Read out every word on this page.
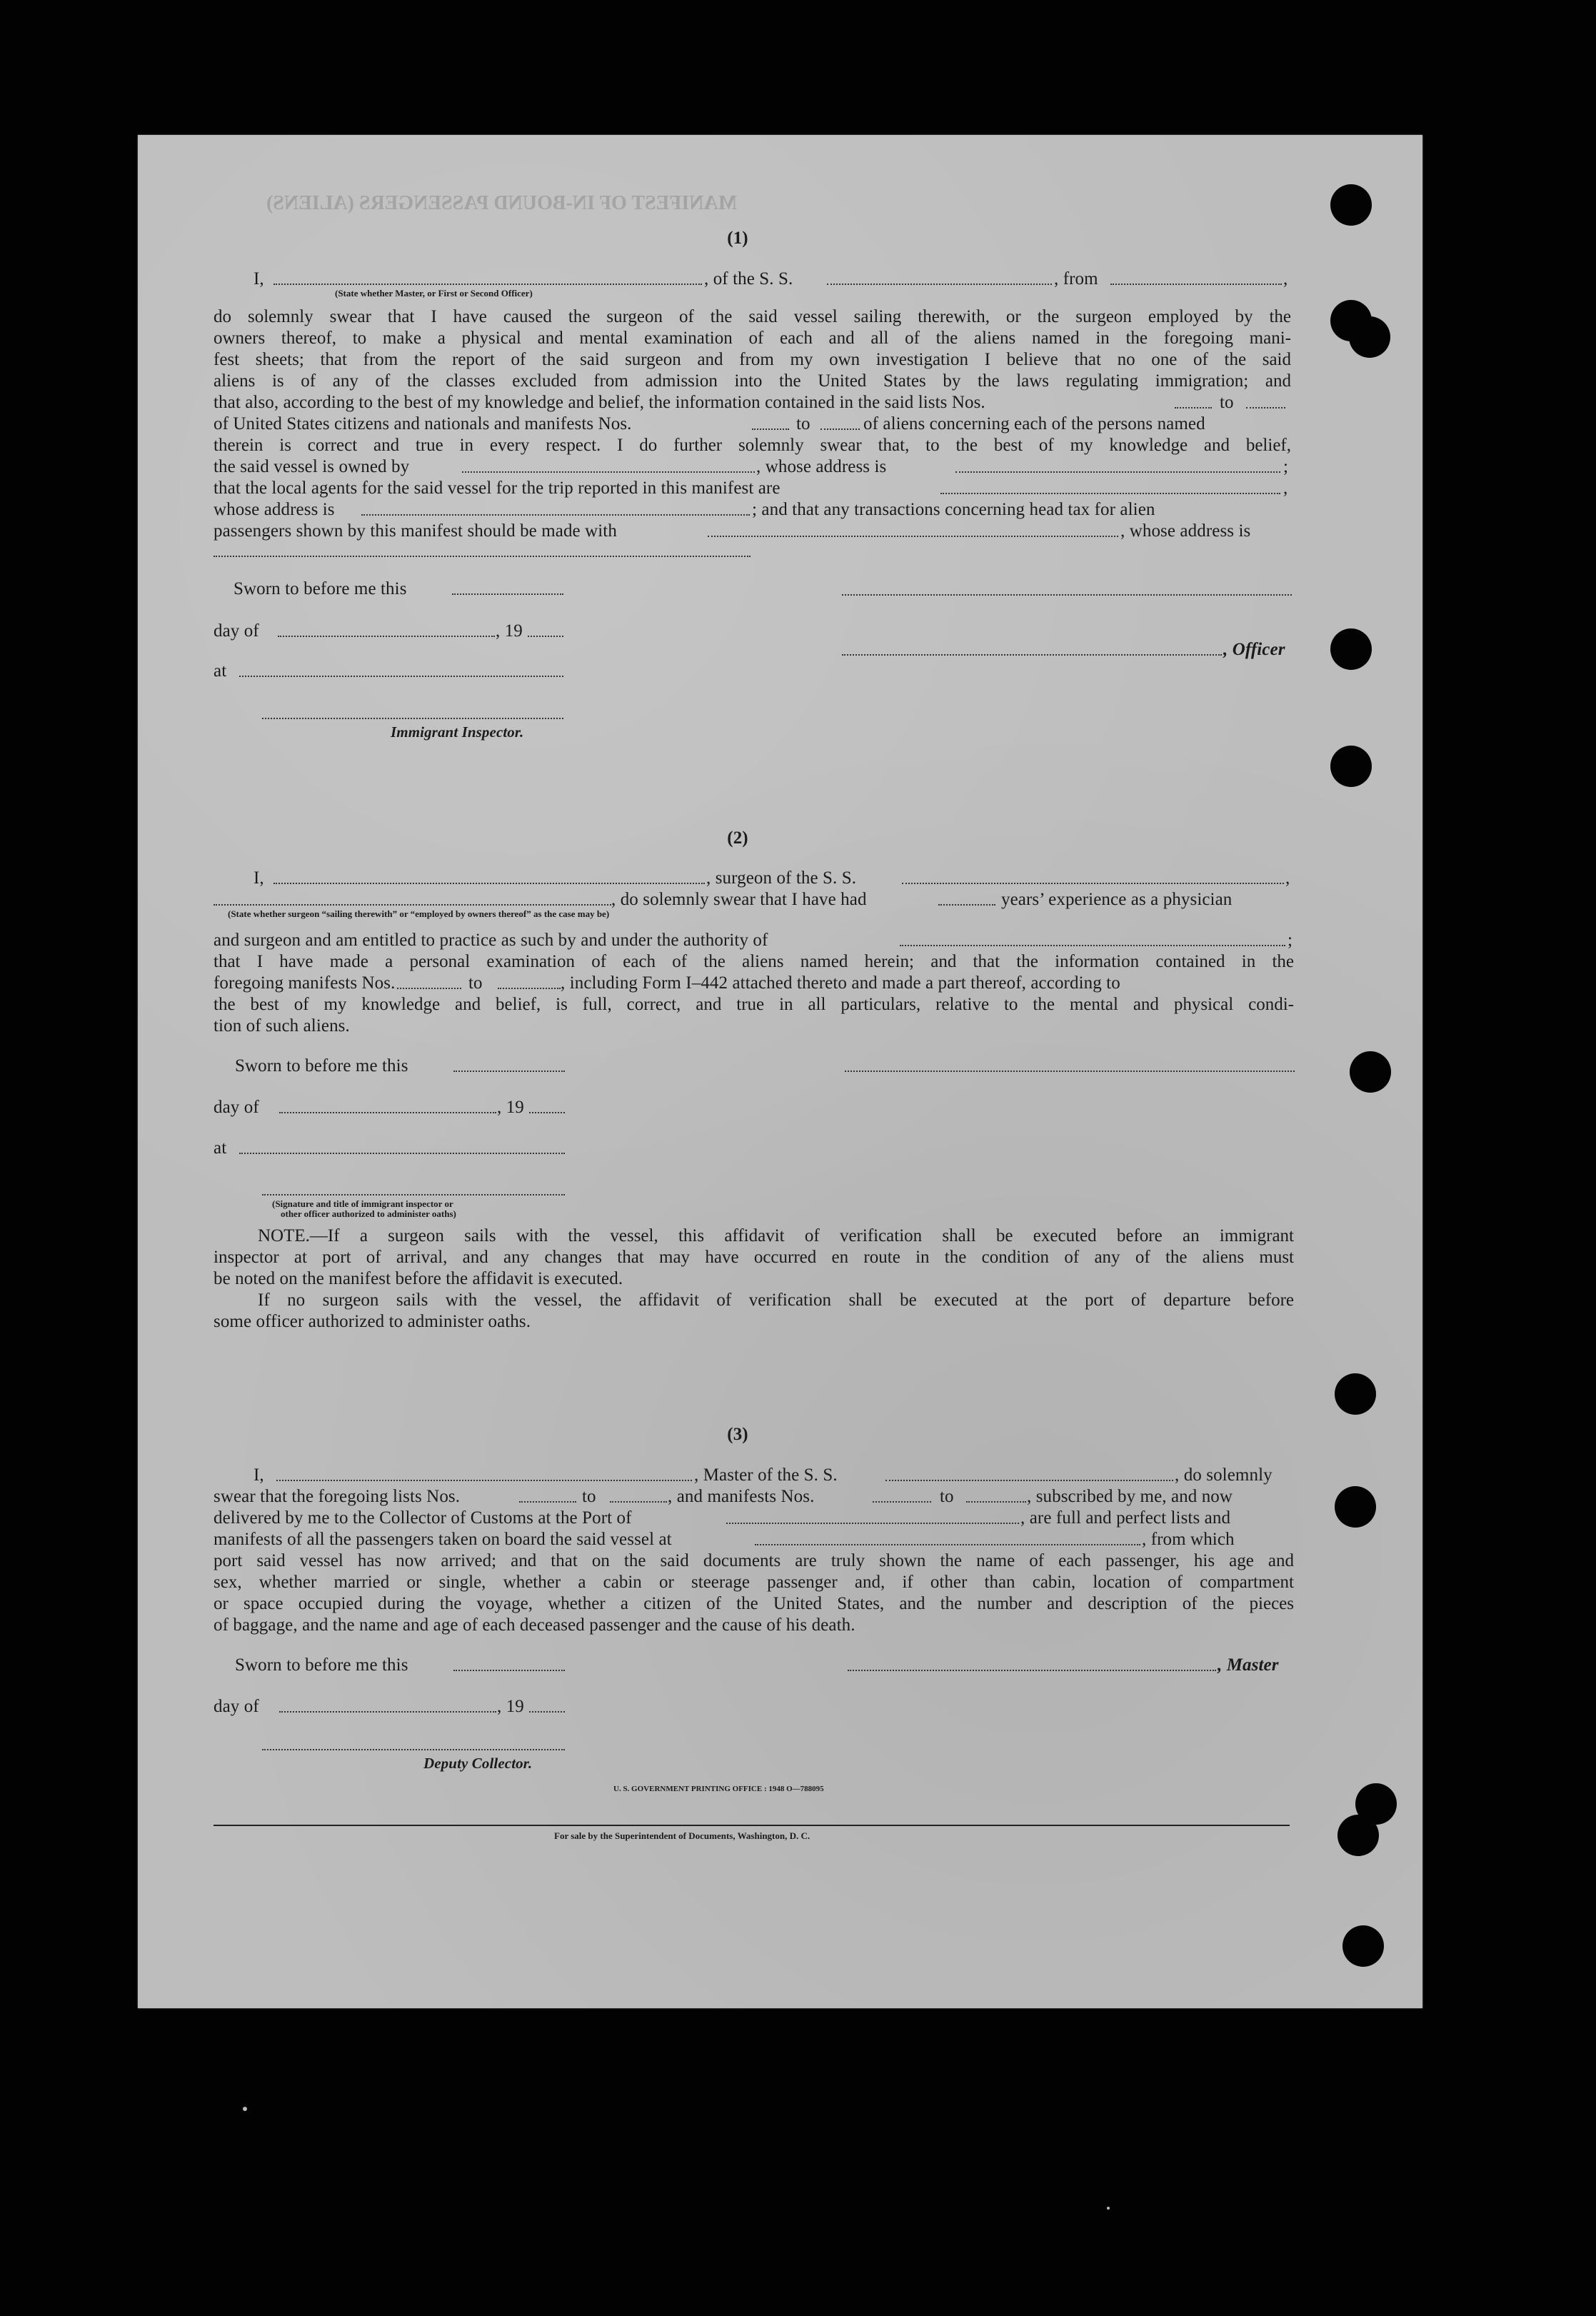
MANIFEST OF IN-BOUND PASSENGERS (ALIENS)
(1)
I,	, of the S. S.	, from	,
(State whether Master, or First or Second Officer)
do solemnly swear that I have caused the surgeon of the said vessel sailing therewith, or the surgeon employed by the
owners thereof, to make a physical and mental examination of each and all of the aliens named in the foregoing mani-
fest sheets; that from the report of the said surgeon and from my own investigation I believe that no one of the said
aliens is of any of the classes excluded from admission into the United States by the laws regulating immigration; and
that also, according to the best of my knowledge and belief, the information contained in the said lists Nos.	to
of United States citizens and nationals and manifests Nos.	to	of aliens concerning each of the persons named
therein is correct and true in every respect. I do further solemnly swear that, to the best of my knowledge and belief,
the said vessel is owned by	, whose address is	;
that the local agents for the said vessel for the trip reported in this manifest are	,
whose address is	; and that any transactions concerning head tax for alien
passengers shown by this manifest should be made with	, whose address is
Sworn to before me this
day of	, 19
at
Immigrant Inspector.
, Officer
(2)
I,	, surgeon of the S. S.	,
, do solemnly swear that I have had	years’ experience as a physician
(State whether surgeon “sailing therewith” or “employed by owners thereof” as the case may be)
and surgeon and am entitled to practice as such by and under the authority of	;
that I have made a personal examination of each of the aliens named herein; and that the information contained in the
foregoing manifests Nos.	to	, including Form I–442 attached thereto and made a part thereof, according to
the best of my knowledge and belief, is full, correct, and true in all particulars, relative to the mental and physical condi-
tion of such aliens.
Sworn to before me this
day of	, 19
at
(Signature and title of immigrant inspector or
other officer authorized to administer oaths)
NOTE.—If a surgeon sails with the vessel, this affidavit of verification shall be executed before an immigrant
inspector at port of arrival, and any changes that may have occurred en route in the condition of any of the aliens must
be noted on the manifest before the affidavit is executed.
If no surgeon sails with the vessel, the affidavit of verification shall be executed at the port of departure before
some officer authorized to administer oaths.
(3)
I,	, Master of the S. S.	, do solemnly
swear that the foregoing lists Nos.	to	, and manifests Nos.	to	, subscribed by me, and now
delivered by me to the Collector of Customs at the Port of	, are full and perfect lists and
manifests of all the passengers taken on board the said vessel at	, from which
port said vessel has now arrived; and that on the said documents are truly shown the name of each passenger, his age and
sex, whether married or single, whether a cabin or steerage passenger and, if other than cabin, location of compartment
or space occupied during the voyage, whether a citizen of the United States, and the number and description of the pieces
of baggage, and the name and age of each deceased passenger and the cause of his death.
Sworn to before me this	, Master
day of	, 19
Deputy Collector.
U. S. GOVERNMENT PRINTING OFFICE : 1948 O—788095
For sale by the Superintendent of Documents, Washington, D. C.
